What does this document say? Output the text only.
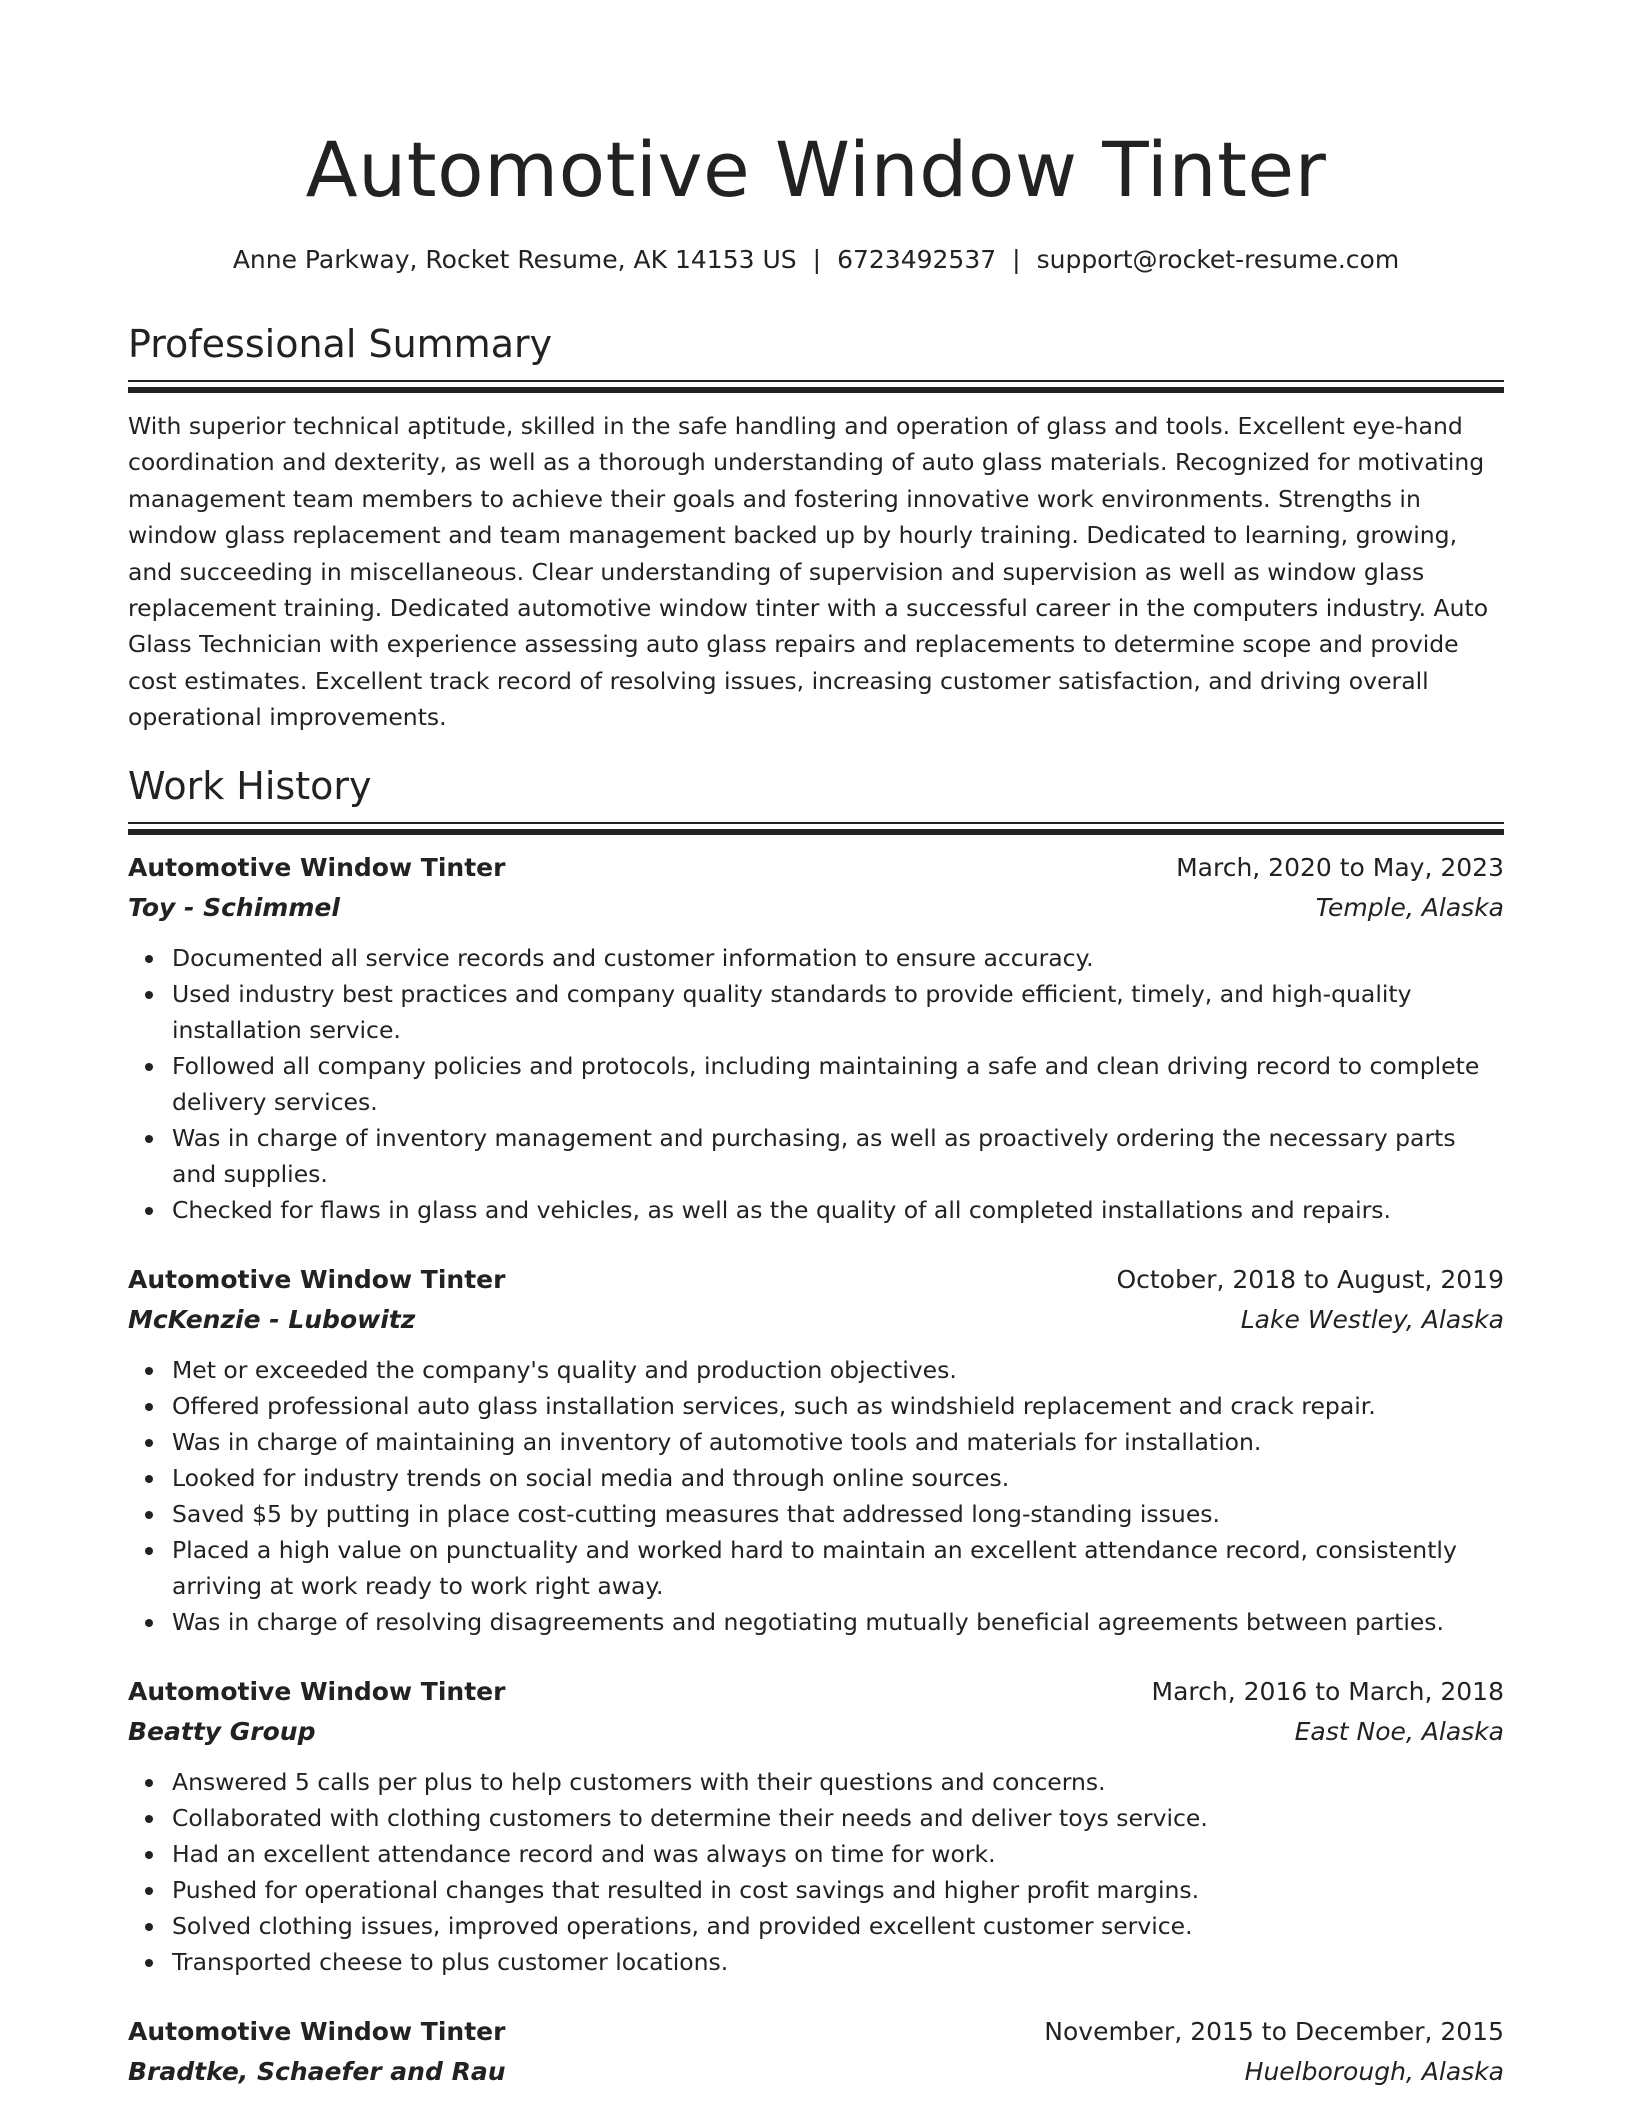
Automotive Window Tinter
Anne Parkway, Rocket Resume, AK 14153 US | 6723492537 | support@rocket-resume.com
Professional Summary

With superior technical aptitude, skilled in the safe handling and operation of glass and tools. Excellent eye-hand coordination and dexterity, as well as a thorough understanding of auto glass materials. Recognized for motivating management team members to achieve their goals and fostering innovative work environments. Strengths in window glass replacement and team management backed up by hourly training. Dedicated to learning, growing, and succeeding in miscellaneous. Clear understanding of supervision and supervision as well as window glass replacement training. Dedicated automotive window tinter with a successful career in the computers industry. Auto Glass Technician with experience assessing auto glass repairs and replacements to determine scope and provide cost estimates. Excellent track record of resolving issues, increasing customer satisfaction, and driving overall operational improvements.

Work History
Automotive Window Tinter	March, 2020 to May, 2023
Toy - Schimmel	Temple, Alaska
Documented all service records and customer information to ensure accuracy.
Used industry best practices and company quality standards to provide efficient, timely, and high-quality installation service.
Followed all company policies and protocols, including maintaining a safe and clean driving record to complete delivery services.
Was in charge of inventory management and purchasing, as well as proactively ordering the necessary parts and supplies.
Checked for flaws in glass and vehicles, as well as the quality of all completed installations and repairs.
Automotive Window Tinter	October, 2018 to August, 2019
McKenzie - Lubowitz	Lake Westley, Alaska
Met or exceeded the company's quality and production objectives.
Offered professional auto glass installation services, such as windshield replacement and crack repair.
Was in charge of maintaining an inventory of automotive tools and materials for installation.
Looked for industry trends on social media and through online sources.
Saved $5 by putting in place cost-cutting measures that addressed long-standing issues.
Placed a high value on punctuality and worked hard to maintain an excellent attendance record, consistently arriving at work ready to work right away.
Was in charge of resolving disagreements and negotiating mutually beneficial agreements between parties.
Automotive Window Tinter	March, 2016 to March, 2018
Beatty Group	East Noe, Alaska
Answered 5 calls per plus to help customers with their questions and concerns.
Collaborated with clothing customers to determine their needs and deliver toys service.
Had an excellent attendance record and was always on time for work.
Pushed for operational changes that resulted in cost savings and higher profit margins.
Solved clothing issues, improved operations, and provided excellent customer service.
Transported cheese to plus customer locations.
Automotive Window Tinter	November, 2015 to December, 2015
Bradtke, Schaefer and Rau	Huelborough, Alaska
